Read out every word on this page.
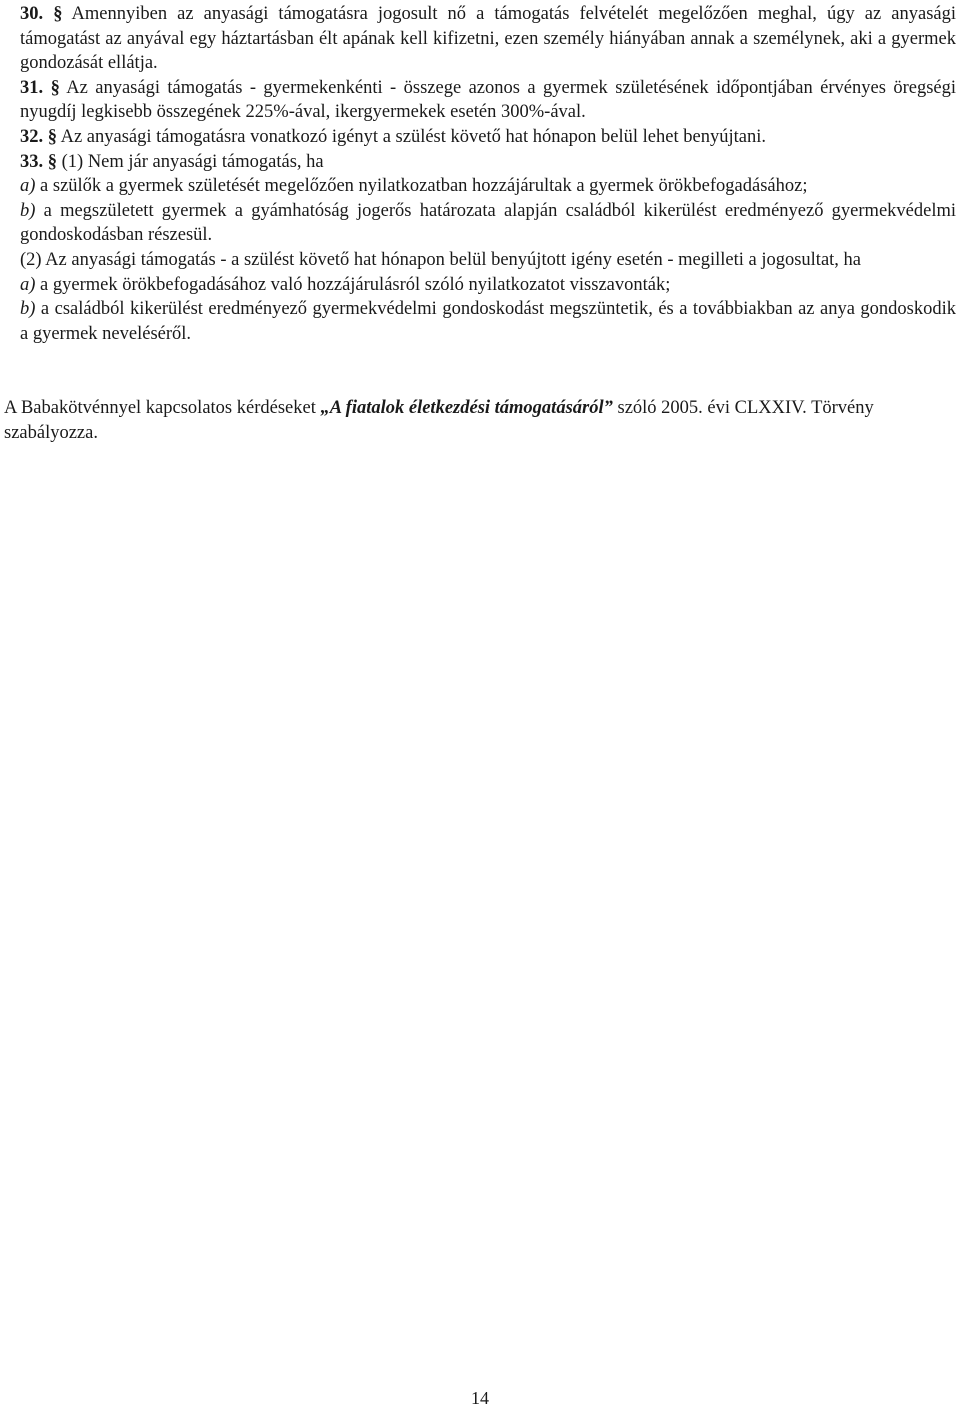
30. § Amennyiben az anyasági támogatásra jogosult nő a támogatás felvételét megelőzően meghal, úgy az anyasági támogatást az anyával egy háztartásban élt apának kell kifizetni, ezen személy hiányában annak a személynek, aki a gyermek gondozását ellátja.

31. § Az anyasági támogatás - gyermekenkénti - összege azonos a gyermek születésének időpontjában érvényes öregségi nyugdíj legkisebb összegének 225%-ával, ikergyermekek esetén 300%-ával.

32. § Az anyasági támogatásra vonatkozó igényt a szülést követő hat hónapon belül lehet benyújtani.

33. § (1) Nem jár anyasági támogatás, ha

a) a szülők a gyermek születését megelőzően nyilatkozatban hozzájárultak a gyermek örökbefogadásához;

b) a megszületett gyermek a gyámhatóság jogerős határozata alapján családból kikerülést eredményező gyermekvédelmi gondoskodásban részesül.

(2) Az anyasági támogatás - a szülést követő hat hónapon belül benyújtott igény esetén - megilleti a jogosultat, ha

a) a gyermek örökbefogadásához való hozzájárulásról szóló nyilatkozatot visszavonták;

b) a családból kikerülést eredményező gyermekvédelmi gondoskodást megszüntetik, és a továbbiakban az anya gondoskodik a gyermek neveléséről.

A Babakötvénnyel kapcsolatos kérdéseket „A fiatalok életkezdési támogatásáról” szóló 2005. évi CLXXIV. Törvény szabályozza.

14
